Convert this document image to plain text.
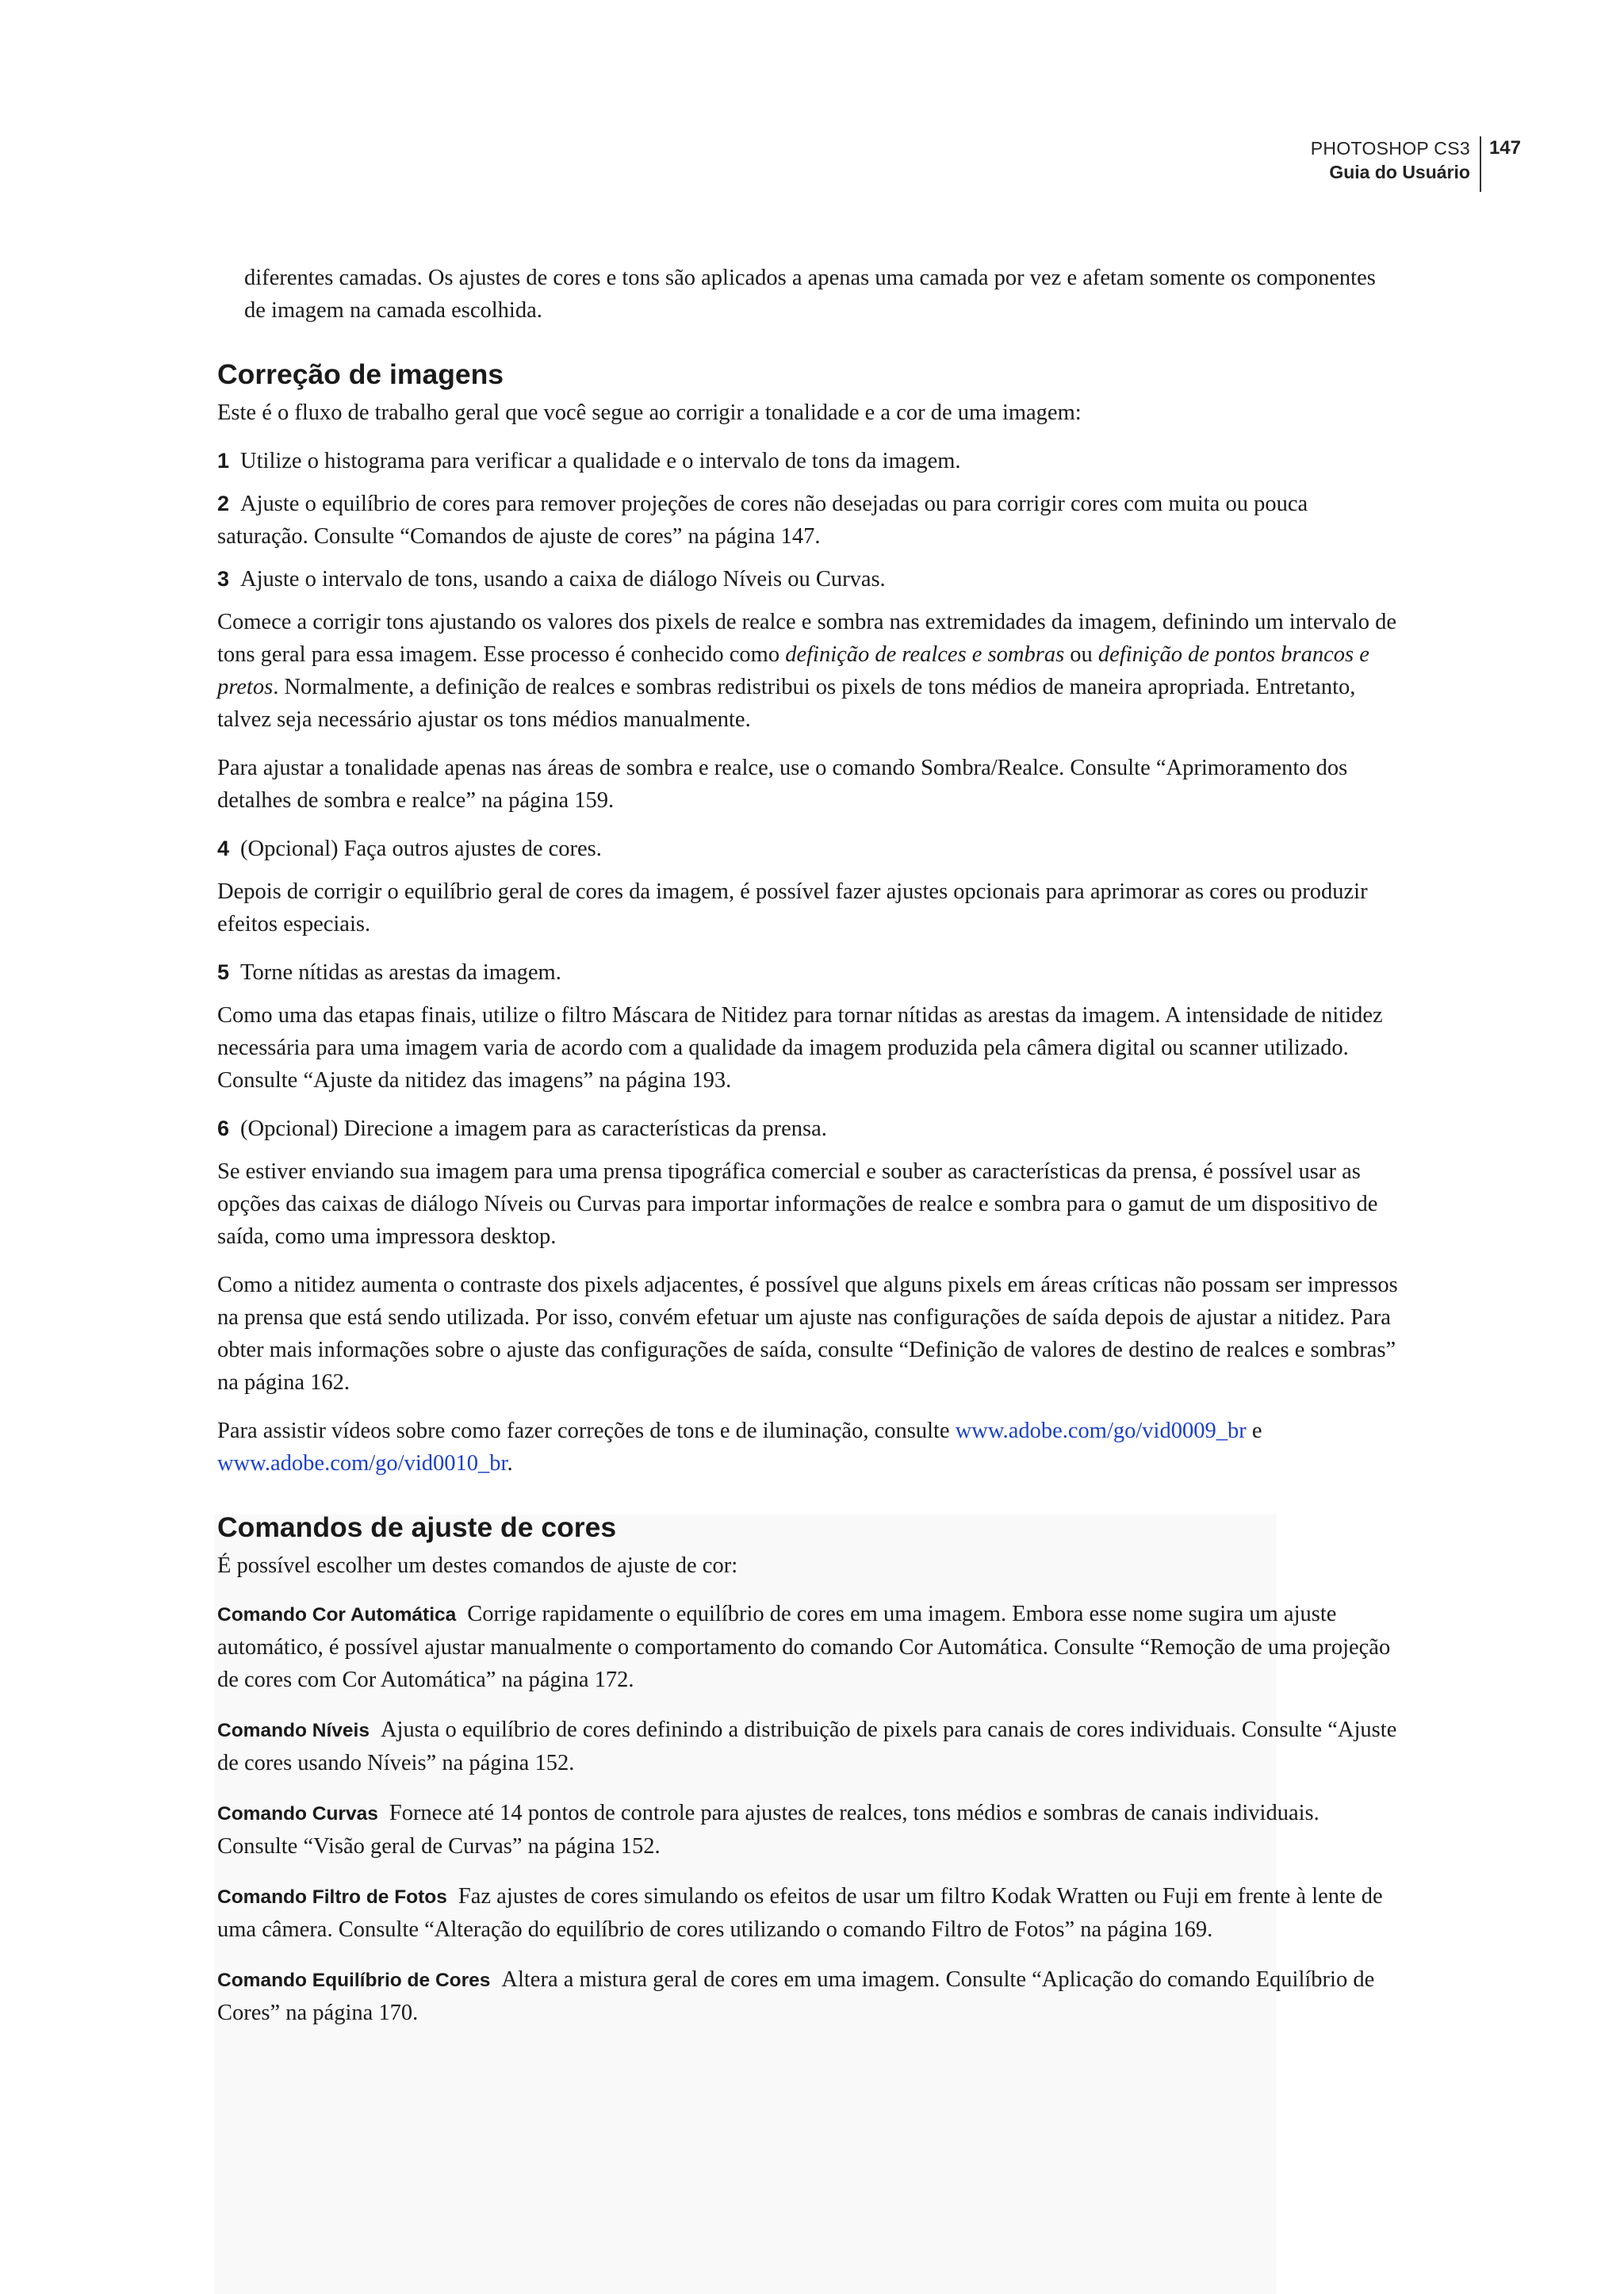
PHOTOSHOP CS3
Guia do Usuário
147

diferentes camadas. Os ajustes de cores e tons são aplicados a apenas uma camada por vez e afetam somente os componentes de imagem na camada escolhida.

Correção de imagens

Este é o fluxo de trabalho geral que você segue ao corrigir a tonalidade e a cor de uma imagem:

1 Utilize o histograma para verificar a qualidade e o intervalo de tons da imagem.

2 Ajuste o equilíbrio de cores para remover projeções de cores não desejadas ou para corrigir cores com muita ou pouca saturação. Consulte “Comandos de ajuste de cores” na página 147.

3 Ajuste o intervalo de tons, usando a caixa de diálogo Níveis ou Curvas.

Comece a corrigir tons ajustando os valores dos pixels de realce e sombra nas extremidades da imagem, definindo um intervalo de tons geral para essa imagem. Esse processo é conhecido como definição de realces e sombras ou definição de pontos brancos e pretos. Normalmente, a definição de realces e sombras redistribui os pixels de tons médios de maneira apropriada. Entretanto, talvez seja necessário ajustar os tons médios manualmente.

Para ajustar a tonalidade apenas nas áreas de sombra e realce, use o comando Sombra/Realce. Consulte “Aprimoramento dos detalhes de sombra e realce” na página 159.

4 (Opcional) Faça outros ajustes de cores.

Depois de corrigir o equilíbrio geral de cores da imagem, é possível fazer ajustes opcionais para aprimorar as cores ou produzir efeitos especiais.

5 Torne nítidas as arestas da imagem.

Como uma das etapas finais, utilize o filtro Máscara de Nitidez para tornar nítidas as arestas da imagem. A intensidade de nitidez necessária para uma imagem varia de acordo com a qualidade da imagem produzida pela câmera digital ou scanner utilizado. Consulte “Ajuste da nitidez das imagens” na página 193.

6 (Opcional) Direcione a imagem para as características da prensa.

Se estiver enviando sua imagem para uma prensa tipográfica comercial e souber as características da prensa, é possível usar as opções das caixas de diálogo Níveis ou Curvas para importar informações de realce e sombra para o gamut de um dispositivo de saída, como uma impressora desktop.

Como a nitidez aumenta o contraste dos pixels adjacentes, é possível que alguns pixels em áreas críticas não possam ser impressos na prensa que está sendo utilizada. Por isso, convém efetuar um ajuste nas configurações de saída depois de ajustar a nitidez. Para obter mais informações sobre o ajuste das configurações de saída, consulte “Definição de valores de destino de realces e sombras” na página 162.

Para assistir vídeos sobre como fazer correções de tons e de iluminação, consulte www.adobe.com/go/vid0009_br e www.adobe.com/go/vid0010_br.

Comandos de ajuste de cores

É possível escolher um destes comandos de ajuste de cor:

Comando Cor Automática Corrige rapidamente o equilíbrio de cores em uma imagem. Embora esse nome sugira um ajuste automático, é possível ajustar manualmente o comportamento do comando Cor Automática. Consulte “Remoção de uma projeção de cores com Cor Automática” na página 172.

Comando Níveis Ajusta o equilíbrio de cores definindo a distribuição de pixels para canais de cores individuais. Consulte “Ajuste de cores usando Níveis” na página 152.

Comando Curvas Fornece até 14 pontos de controle para ajustes de realces, tons médios e sombras de canais individuais. Consulte “Visão geral de Curvas” na página 152.

Comando Filtro de Fotos Faz ajustes de cores simulando os efeitos de usar um filtro Kodak Wratten ou Fuji em frente à lente de uma câmera. Consulte “Alteração do equilíbrio de cores utilizando o comando Filtro de Fotos” na página 169.

Comando Equilíbrio de Cores Altera a mistura geral de cores em uma imagem. Consulte “Aplicação do comando Equilíbrio de Cores” na página 170.
